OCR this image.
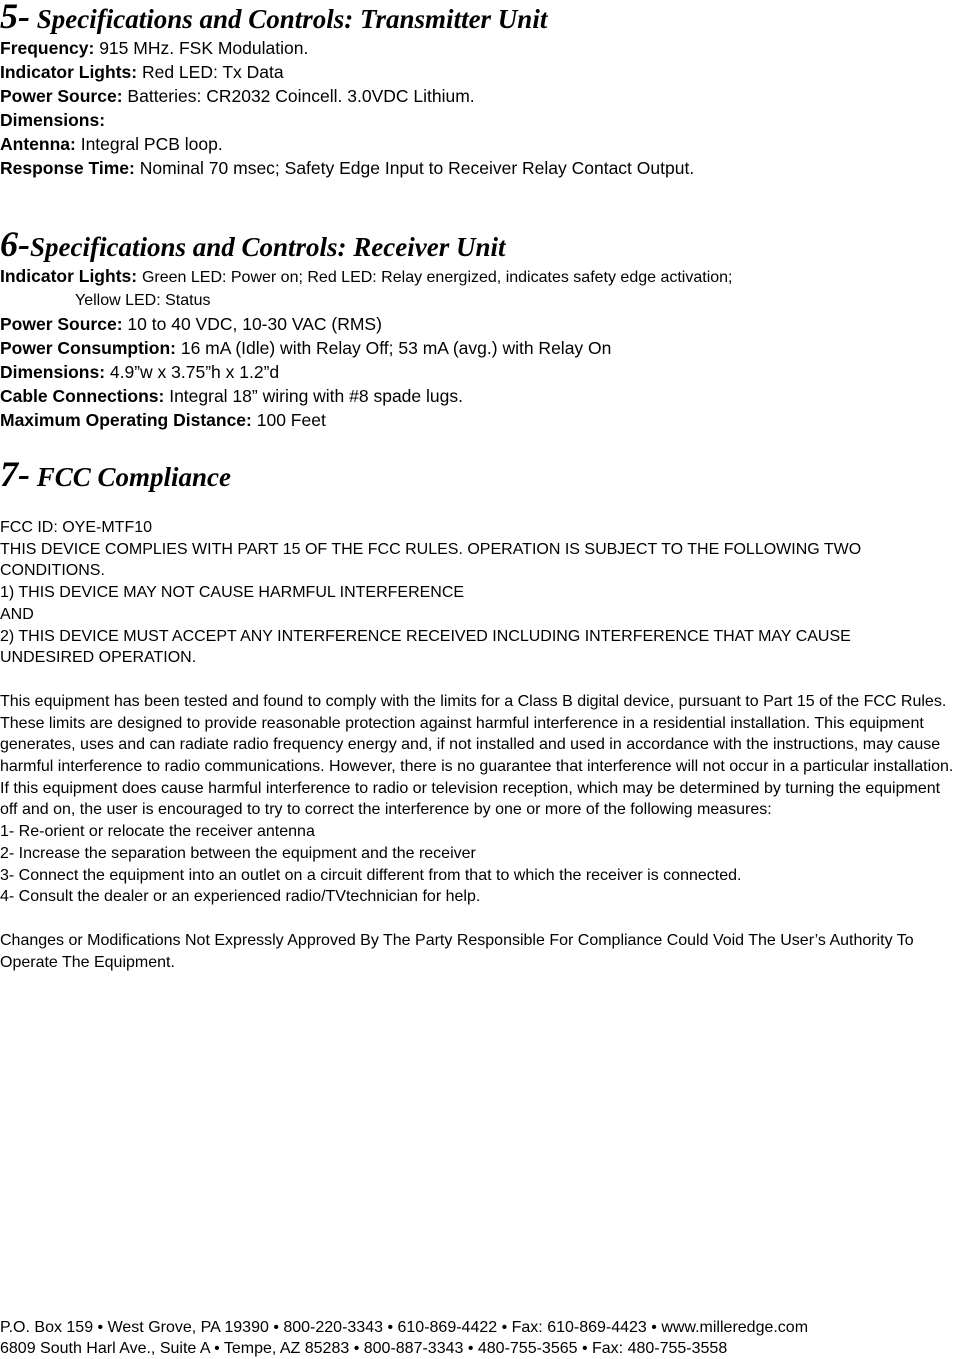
5- Specifications and Controls: Transmitter Unit
Frequency: 915 MHz. FSK Modulation.
Indicator Lights: Red LED: Tx Data
Power Source: Batteries: CR2032 Coincell. 3.0VDC Lithium.
Dimensions:
Antenna: Integral PCB loop.
Response Time: Nominal 70 msec; Safety Edge Input to Receiver Relay Contact Output.
6-Specifications and Controls: Receiver Unit
Indicator Lights: Green LED: Power on; Red LED: Relay energized, indicates safety edge activation;
Yellow LED: Status
Power Source: 10 to 40 VDC, 10-30 VAC (RMS)
Power Consumption: 16 mA (Idle) with Relay Off; 53 mA (avg.) with Relay On
Dimensions: 4.9”w x 3.75”h x 1.2”d
Cable Connections: Integral 18” wiring with #8 spade lugs.
Maximum Operating Distance: 100 Feet
7- FCC Compliance

FCC ID: OYE-MTF10

THIS DEVICE COMPLIES WITH PART 15 OF THE FCC RULES. OPERATION IS SUBJECT TO THE FOLLOWING TWO CONDITIONS.

1) THIS DEVICE MAY NOT CAUSE HARMFUL INTERFERENCE

AND

2) THIS DEVICE MUST ACCEPT ANY INTERFERENCE RECEIVED INCLUDING INTERFERENCE THAT MAY CAUSE UNDESIRED OPERATION.

This equipment has been tested and found to comply with the limits for a Class B digital device, pursuant to Part 15 of the FCC Rules. These limits are designed to provide reasonable protection against harmful interference in a residential installation. This equipment generates, uses and can radiate radio frequency energy and, if not installed and used in accordance with the instructions, may cause harmful interference to radio communications. However, there is no guarantee that interference will not occur in a particular installation. If this equipment does cause harmful interference to radio or television reception, which may be determined by turning the equipment off and on, the user is encouraged to try to correct the interference by one or more of the following measures:

1- Re-orient or relocate the receiver antenna

2- Increase the separation between the equipment and the receiver

3- Connect the equipment into an outlet on a circuit different from that to which the receiver is connected.

4- Consult the dealer or an experienced radio/TVtechnician for help.

Changes or Modifications Not Expressly Approved By The Party Responsible For Compliance Could Void The User’s Authority To Operate The Equipment.

P.O. Box 159 • West Grove, PA 19390 • 800-220-3343 • 610-869-4422 • Fax: 610-869-4423 • www.milleredge.com
6809 South Harl Ave., Suite A • Tempe, AZ 85283 • 800-887-3343 • 480-755-3565 • Fax: 480-755-3558
